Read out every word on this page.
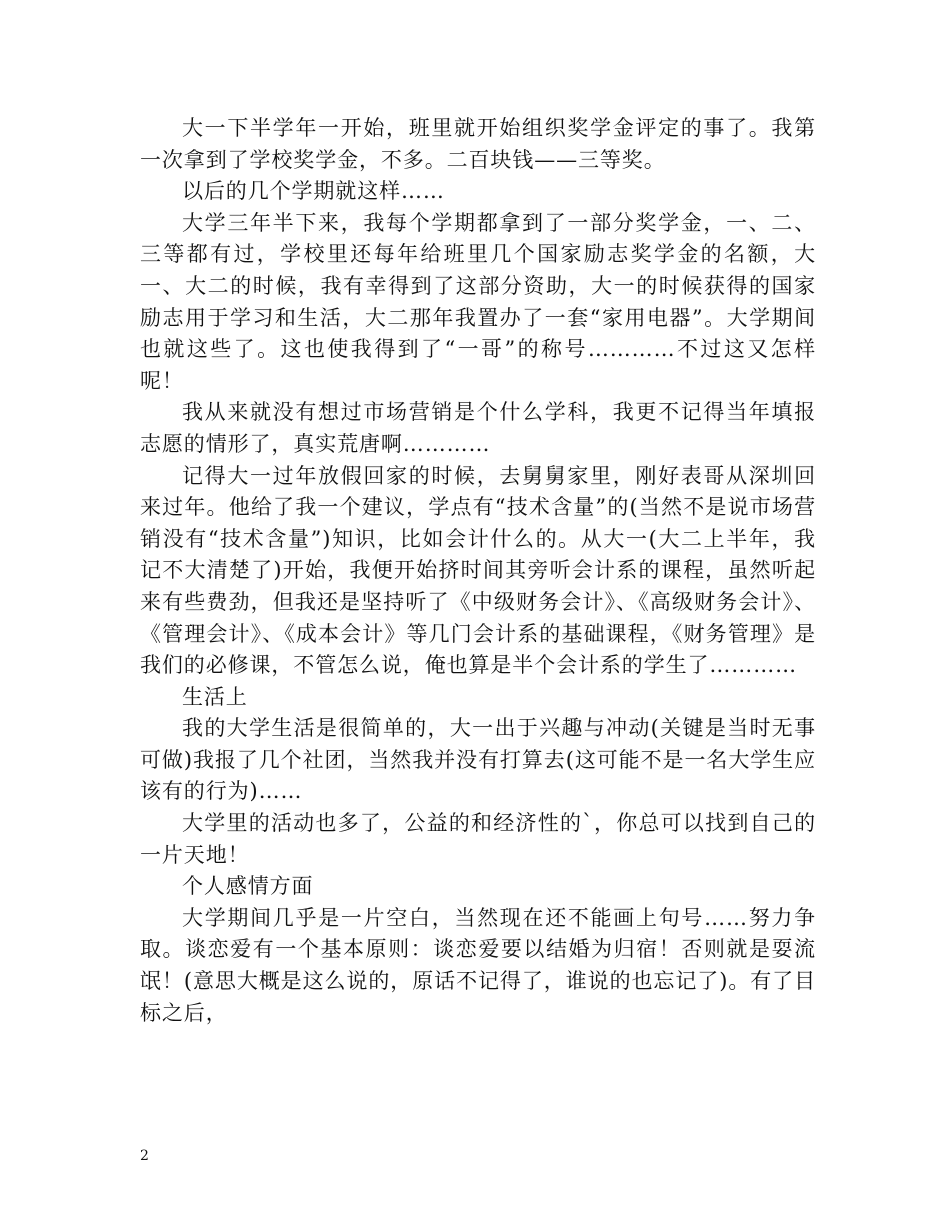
大一下半学年一开始，班里就开始组织奖学金评定的事了。我第一次拿到了学校奖学金，不多。二百块钱——三等奖。

以后的几个学期就这样……

大学三年半下来，我每个学期都拿到了一部分奖学金，一、二、三等都有过，学校里还每年给班里几个国家励志奖学金的名额，大一、大二的时候，我有幸得到了这部分资助，大一的时候获得的国家励志用于学习和生活，大二那年我置办了一套“家用电器”。大学期间也就这些了。这也使我得到了“一哥”的称号…………不过这又怎样呢！

我从来就没有想过市场营销是个什么学科，我更不记得当年填报志愿的情形了，真实荒唐啊…………

记得大一过年放假回家的时候，去舅舅家里，刚好表哥从深圳回来过年。他给了我一个建议，学点有“技术含量”的(当然不是说市场营销没有“技术含量”)知识，比如会计什么的。从大一(大二上半年，我记不大清楚了)开始，我便开始挤时间其旁听会计系的课程，虽然听起来有些费劲，但我还是坚持听了《中级财务会计》、《高级财务会计》、《管理会计》、《成本会计》等几门会计系的基础课程，《财务管理》是我们的必修课，不管怎么说，俺也算是半个会计系的学生了…………

生活上

我的大学生活是很简单的，大一出于兴趣与冲动(关键是当时无事可做)我报了几个社团，当然我并没有打算去(这可能不是一名大学生应该有的行为)……

大学里的活动也多了，公益的和经济性的`，你总可以找到自己的一片天地！

个人感情方面

大学期间几乎是一片空白，当然现在还不能画上句号……努力争取。谈恋爱有一个基本原则：谈恋爱要以结婚为归宿！否则就是耍流氓！(意思大概是这么说的，原话不记得了，谁说的也忘记了)。有了目标之后，

2
